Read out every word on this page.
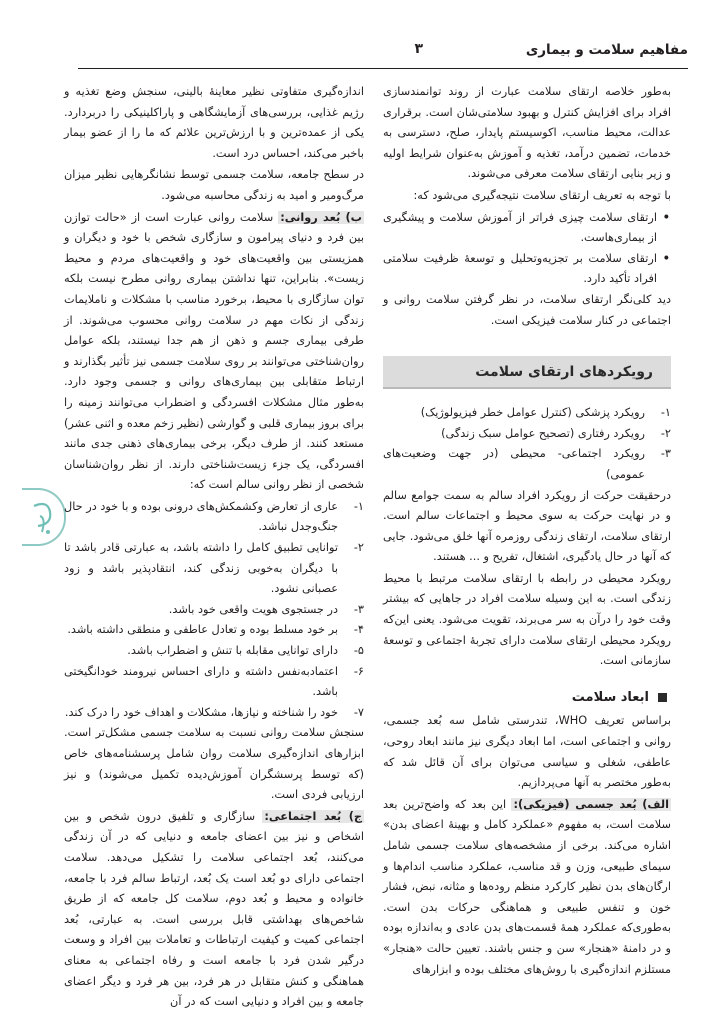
مفاهیم سلامت و بیماری
۳

به‌طور خلاصه ارتقای سلامت عبارت از روند توانمندسازی افراد برای افزایش کنترل و بهبود سلامتی‌شان است. برقراری عدالت، محیط مناسب، اکوسیستم پایدار، صلح، دسترسی به خدمات، تضمین درآمد، تغذیه و آموزش به‌عنوان شرایط اولیه و زیر بنایی ارتقای سلامت معرفی می‌شوند.

با توجه به تعریف ارتقای سلامت نتیجه‌گیری می‌شود که:

• ارتقای سلامت چیزی فراتر از آموزش سلامت و پیشگیری از بیماری‌هاست.
• ارتقای سلامت بر تجزیه‌وتحلیل و توسعهٔ ظرفیت سلامتی افراد تأکید دارد.

دید کلی‌نگر ارتقای سلامت، در نظر گرفتن سلامت روانی و اجتماعی در کنار سلامت فیزیکی است.

رویکردهای ارتقای سلامت
۱-
رویکرد پزشکی (کنترل عوامل خطر فیزیولوژیک)
۲-
رویکرد رفتاری (تصحیح عوامل سبک زندگی)
۳-
رویکرد اجتماعی- محیطی (در جهت وضعیت‌های عمومی)

درحقیقت حرکت از رویکرد افراد سالم به سمت جوامع سالم و در نهایت حرکت به سوی محیط و اجتماعات سالم است. ارتقای سلامت، ارتقای زندگی روزمره آنها خلق می‌شود. جایی که آنها در حال یادگیری، اشتغال، تفریح و ... هستند.

رویکرد محیطی در رابطه با ارتقای سلامت مرتبط با محیط زندگی است. به این وسیله سلامت افراد در جاهایی که بیشتر وقت خود را درآن به سر می‌برند، تقویت می‌شود. یعنی این‌که رویکرد محیطی ارتقای سلامت دارای تجربهٔ اجتماعی و توسعهٔ سازمانی است.

ابعاد سلامت

براساس تعریف WHO، تندرستی شامل سه بُعد جسمی، روانی و اجتماعی است، اما ابعاد دیگری نیز مانند ابعاد روحی، عاطفی، شغلی و سیاسی می‌توان برای آن قائل شد که به‌طور مختصر به آنها می‌پردازیم.

الف) بُعد جسمی (فیزیکی): این بعد که واضح‌ترین بعد سلامت است، به مفهوم «عملکرد کامل و بهینهٔ اعضای بدن» اشاره می‌کند. برخی از مشخصه‌های سلامت جسمی شامل سیمای طبیعی، وزن و قد مناسب، عملکرد مناسب اندام‌ها و ارگان‌های بدن نظیر کارکرد منظم روده‌ها و مثانه، نبض، فشار خون و تنفس طبیعی و هماهنگی حرکات بدن است. به‌طوری‌که عملکرد همهٔ قسمت‌های بدن عادی و به‌اندازه بوده و در دامنهٔ «هنجار» سن و جنس باشند. تعیین حالت «هنجار» مستلزم اندازه‌گیری با روش‌های مختلف بوده و ابزارهای

اندازه‌گیری متفاوتی نظیر معاینهٔ بالینی، سنجش وضع تغذیه و رژیم غذایی، بررسی‌های آزمایشگاهی و پاراکلینیکی را دربردارد. یکی از عمده‌ترین و با ارزش‌ترین علائم که ما را از عضو بیمار باخبر می‌کند، احساس درد است.

در سطح جامعه، سلامت جسمی توسط نشانگرهایی نظیر میزان مرگ‌ومیر و امید به زندگی محاسبه می‌شود.

ب) بُعد روانی: سلامت روانی عبارت است از «حالت توازن بین فرد و دنیای پیرامون و سازگاری شخص با خود و دیگران و همزیستی بین واقعیت‌های خود و واقعیت‌های مردم و محیط زیست». بنابراین، تنها نداشتن بیماری روانی مطرح نیست بلکه توان سازگاری با محیط، برخورد مناسب با مشکلات و ناملایمات زندگی از نکات مهم در سلامت روانی محسوب می‌شوند. از طرفی بیماری جسم و ذهن از هم جدا نیستند، بلکه عوامل روان‌شناختی می‌توانند بر روی سلامت جسمی نیز تأثیر بگذارند و ارتباط متقابلی بین بیماری‌های روانی و جسمی وجود دارد. به‌طور مثال مشکلات افسردگی و اضطراب می‌توانند زمینه را برای بروز بیماری قلبی و گوارشی (نظیر زخم معده و اثنی عشر) مستعد کنند. از طرف دیگر، برخی بیماری‌های ذهنی جدی مانند افسردگی، یک جزء زیست‌شناختی دارند. از نظر روان‌شناسان شخصی از نظر روانی سالم است که:

۱-
عاری از تعارض وکشمکش‌های درونی بوده و با خود در حال جنگ‌وجدل نباشد.
۲-
توانایی تطبیق کامل را داشته باشد، به عبارتی قادر باشد تا با دیگران به‌خوبی زندگی کند، انتقادپذیر باشد و زود عصبانی نشود.
۳-
در جستجوی هویت واقعی خود باشد.
۴-
بر خود مسلط بوده و تعادل عاطفی و منطقی داشته باشد.
۵-
دارای توانایی مقابله با تنش و اضطراب باشد.
۶-
اعتمادبه‌نفس داشته و دارای احساس نیرومند خودانگیختی باشد.
۷-
خود را شناخته و نیازها، مشکلات و اهداف خود را درک کند.

سنجش سلامت روانی نسبت به سلامت جسمی مشکل‌تر است. ابزارهای اندازه‌گیری سلامت روان شامل پرسشنامه‌های خاص (که توسط پرسشگران آموزش‌دیده تکمیل می‌شوند) و نیز ارزیابی فردی است.

ج) بُعد اجتماعی: سازگاری و تلفیق درون شخص و بین اشخاص و نیز بین اعضای جامعه و دنیایی که در آن زندگی می‌کنند، بُعد اجتماعی سلامت را تشکیل می‌دهد. سلامت اجتماعی دارای دو بُعد است یک بُعد، ارتباط سالم فرد با جامعه، خانواده و محیط و بُعد دوم، سلامت کل جامعه که از طریق شاخص‌های بهداشتی قابل بررسی است. به عبارتی، بُعد اجتماعی کمیت و کیفیت ارتباطات و تعاملات بین افراد و وسعت درگیر شدن فرد با جامعه است و رفاه اجتماعی به معنای هماهنگی و کنش متقابل در هر فرد، بین هر فرد و دیگر اعضای جامعه و بین افراد و دنیایی است که در آن
